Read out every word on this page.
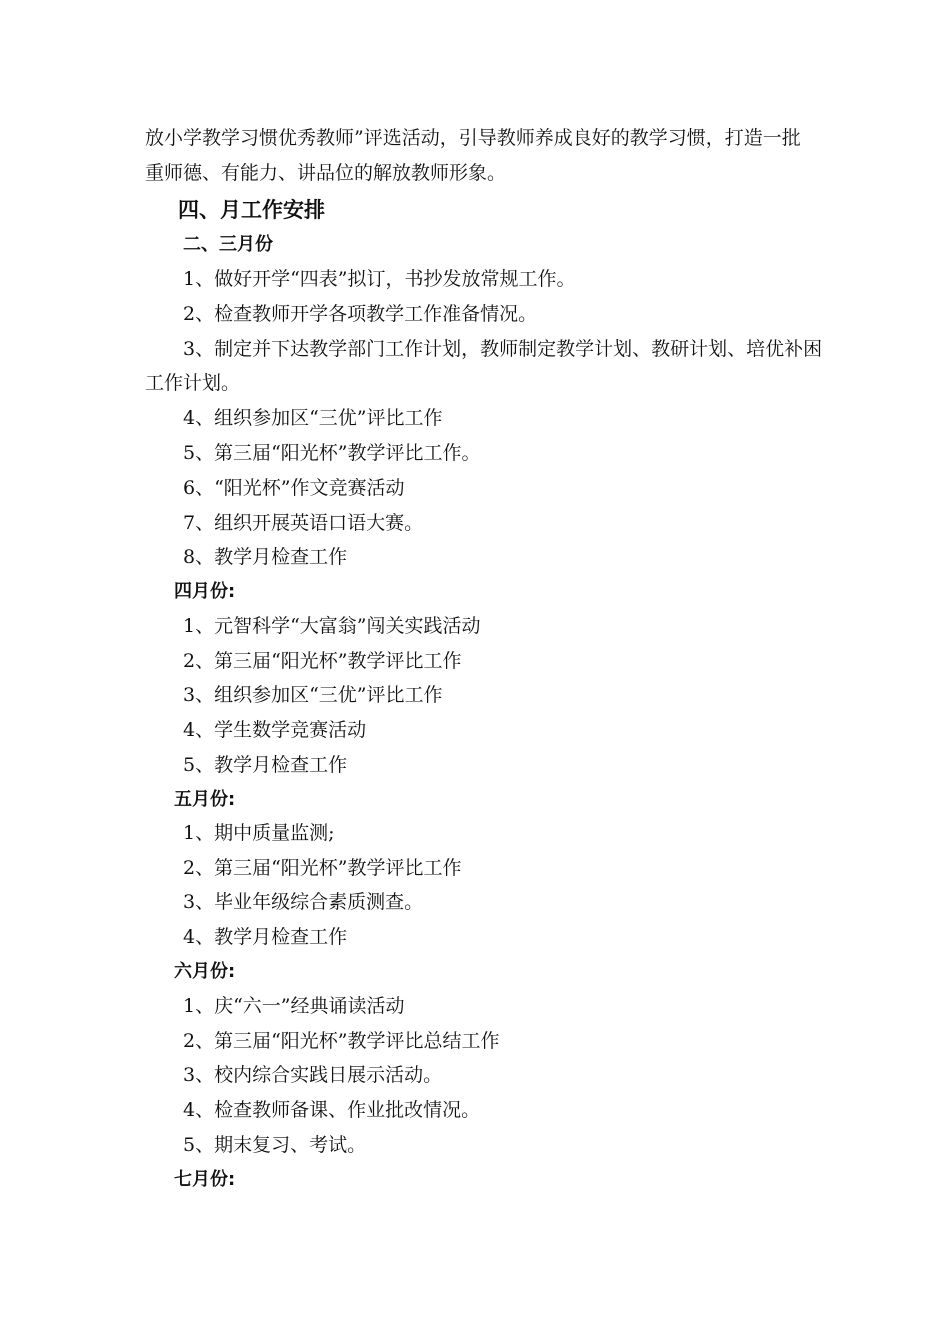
放小学教学习惯优秀教师”评选活动，引导教师养成良好的教学习惯，打造一批
重师德、有能力、讲品位的解放教师形象。
四、月工作安排
二、三月份
1、做好开学“四表”拟订，书抄发放常规工作。
2、检查教师开学各项教学工作准备情况。
3、制定并下达教学部门工作计划，教师制定教学计划、教研计划、培优补困
工作计划。
4、组织参加区“三优”评比工作
5、第三届“阳光杯”教学评比工作。
6、“阳光杯”作文竞赛活动
7、组织开展英语口语大赛。
8、教学月检查工作
四月份:
1、元智科学“大富翁”闯关实践活动
2、第三届“阳光杯”教学评比工作
3、组织参加区“三优”评比工作
4、学生数学竞赛活动
5、教学月检查工作
五月份:
1、期中质量监测;
2、第三届“阳光杯”教学评比工作
3、毕业年级综合素质测查。
4、教学月检查工作
六月份:
1、庆“六一”经典诵读活动
2、第三届“阳光杯”教学评比总结工作
3、校内综合实践日展示活动。
4、检查教师备课、作业批改情况。
5、期末复习、考试。
七月份:
